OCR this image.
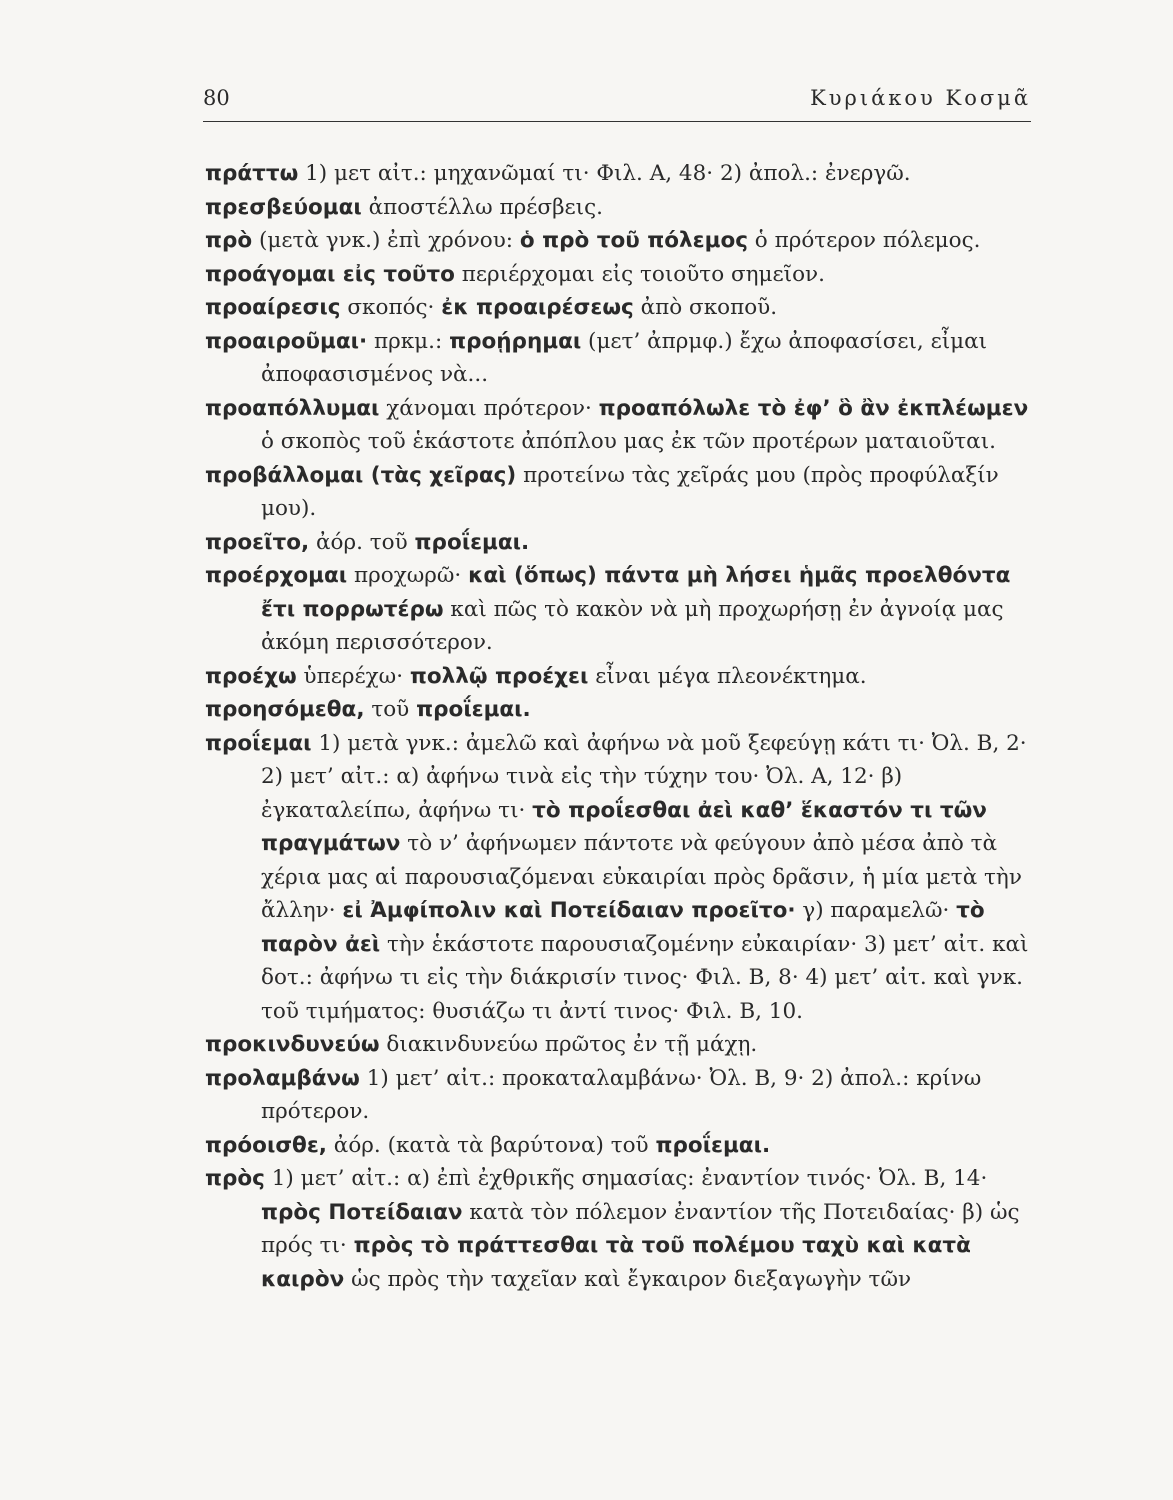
80	Κυριάκου Κοσμᾶ

πράττω 1) μετ αἰτ.: μηχανῶμαί τι· Φιλ. Α, 48· 2) ἀπολ.: ἐνεργῶ.

πρεσβεύομαι ἀποστέλλω πρέσβεις.

πρὸ (μετὰ γνκ.) ἐπὶ χρόνου: ὁ πρὸ τοῦ πόλεμος ὁ πρότερον πόλεμος.

προάγομαι εἰς τοῦτο περιέρχομαι εἰς τοιοῦτο σημεῖον.

προαίρεσις σκοπός· ἐκ προαιρέσεως ἀπὸ σκοποῦ.

προαιροῦμαι· πρκμ.: προῄρημαι (μετ’ ἀπρμφ.) ἔχω ἀποφασίσει, εἶμαι ἀποφασισμένος νὰ...

προαπόλλυμαι χάνομαι πρότερον· προαπόλωλε τὸ ἐφ’ ὃ ἂν ἐκπλέωμεν ὁ σκοπὸς τοῦ ἑκάστοτε ἀπόπλου μας ἐκ τῶν προτέρων ματαιοῦται.

προβάλλομαι (τὰς χεῖρας) προτείνω τὰς χεῖράς μου (πρὸς προφύλαξίν μου).

προεῖτο, ἀόρ. τοῦ προΐεμαι.

προέρχομαι προχωρῶ· καὶ (ὅπως) πάντα μὴ λήσει ἡμᾶς προελθόντα ἔτι πορρωτέρω καὶ πῶς τὸ κακὸν νὰ μὴ προχωρήσῃ ἐν ἀγνοίᾳ μας ἀκόμη περισσότερον.

προέχω ὑπερέχω· πολλῷ προέχει εἶναι μέγα πλεονέκτημα.

προησόμεθα, τοῦ προΐεμαι.

προΐεμαι 1) μετὰ γνκ.: ἀμελῶ καὶ ἀφήνω νὰ μοῦ ξεφεύγῃ κάτι τι· Ὀλ. Β, 2· 2) μετ’ αἰτ.: α) ἀφήνω τινὰ εἰς τὴν τύχην του· Ὀλ. Α, 12· β) ἐγκαταλείπω, ἀφήνω τι· τὸ προΐεσθαι ἀεὶ καθ’ ἕκαστόν τι τῶν πραγμάτων τὸ ν’ ἀφήνωμεν πάντοτε νὰ φεύγουν ἀπὸ μέσα ἀπὸ τὰ χέρια μας αἱ παρουσιαζόμεναι εὐκαιρίαι πρὸς δρᾶσιν, ἡ μία μετὰ τὴν ἄλλην· εἰ Ἀμφίπολιν καὶ Ποτείδαιαν προεῖτο· γ) παραμελῶ· τὸ παρὸν ἀεὶ τὴν ἑκάστοτε παρουσιαζομένην εὐκαιρίαν· 3) μετ’ αἰτ. καὶ δοτ.: ἀφήνω τι εἰς τὴν διάκρισίν τινος· Φιλ. Β, 8· 4) μετ’ αἰτ. καὶ γνκ. τοῦ τιμήματος: θυσιάζω τι ἀντί τινος· Φιλ. Β, 10.

προκινδυνεύω διακινδυνεύω πρῶτος ἐν τῇ μάχῃ.

προλαμβάνω 1) μετ’ αἰτ.: προκαταλαμβάνω· Ὀλ. Β, 9· 2) ἀπολ.: κρίνω πρότερον.

πρόοισθε, ἀόρ. (κατὰ τὰ βαρύτονα) τοῦ προΐεμαι.

πρὸς 1) μετ’ αἰτ.: α) ἐπὶ ἐχθρικῆς σημασίας: ἐναντίον τινός· Ὀλ. Β, 14· πρὸς Ποτείδαιαν κατὰ τὸν πόλεμον ἐναντίον τῆς Ποτειδαίας· β) ὡς πρός τι· πρὸς τὸ πράττεσθαι τὰ τοῦ πολέμου ταχὺ καὶ κατὰ καιρὸν ὡς πρὸς τὴν ταχεῖαν καὶ ἔγκαιρον διεξαγωγὴν τῶν
